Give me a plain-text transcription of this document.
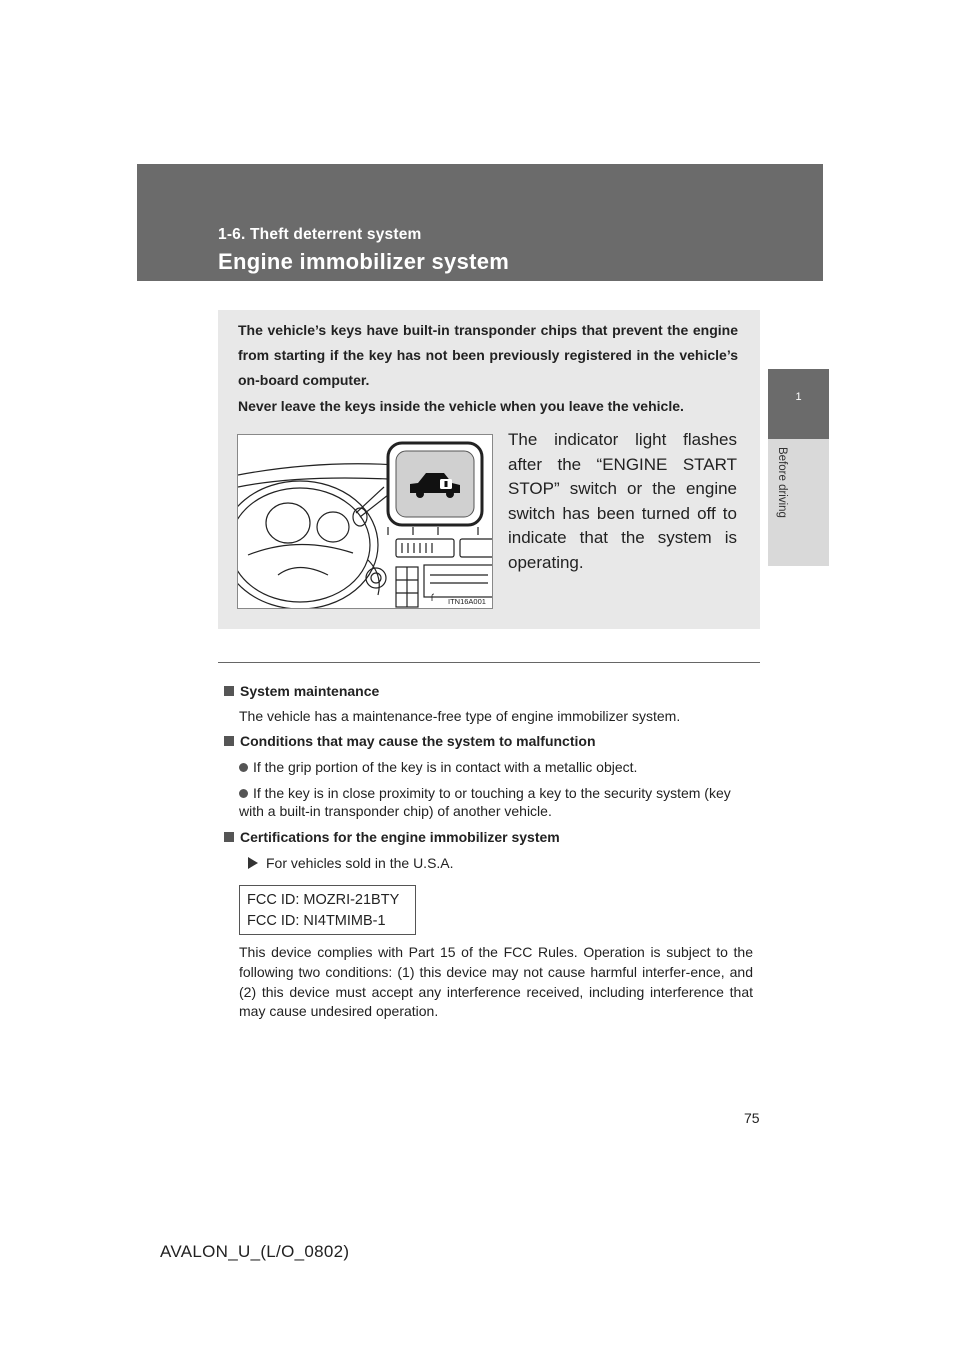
1-6. Theft deterrent system
Engine immobilizer system
1
Before driving
The vehicle’s keys have built-in transponder chips that prevent the engine from starting if the key has not been previously registered in the vehicle’s on-board computer.
Never leave the keys inside the vehicle when you leave the vehicle.
ITN16A001
The indicator light flashes after the “ENGINE START STOP” switch or the engine switch has been turned off to indicate that the system is operating.
System maintenance
The vehicle has a maintenance-free type of engine immobilizer system.
Conditions that may cause the system to malfunction
If the grip portion of the key is in contact with a metallic object.
If the key is in close proximity to or touching a key to the security system (key with a built-in transponder chip) of another vehicle.
Certifications for the engine immobilizer system
For vehicles sold in the U.S.A.
FCC ID: MOZRI-21BTY
FCC ID: NI4TMIMB-1
This device complies with Part 15 of the FCC Rules. Operation is subject to the following two conditions: (1) this device may not cause harmful interfer-ence, and (2) this device must accept any interference received, including interference that may cause undesired operation.
75
AVALON_U_(L/O_0802)
